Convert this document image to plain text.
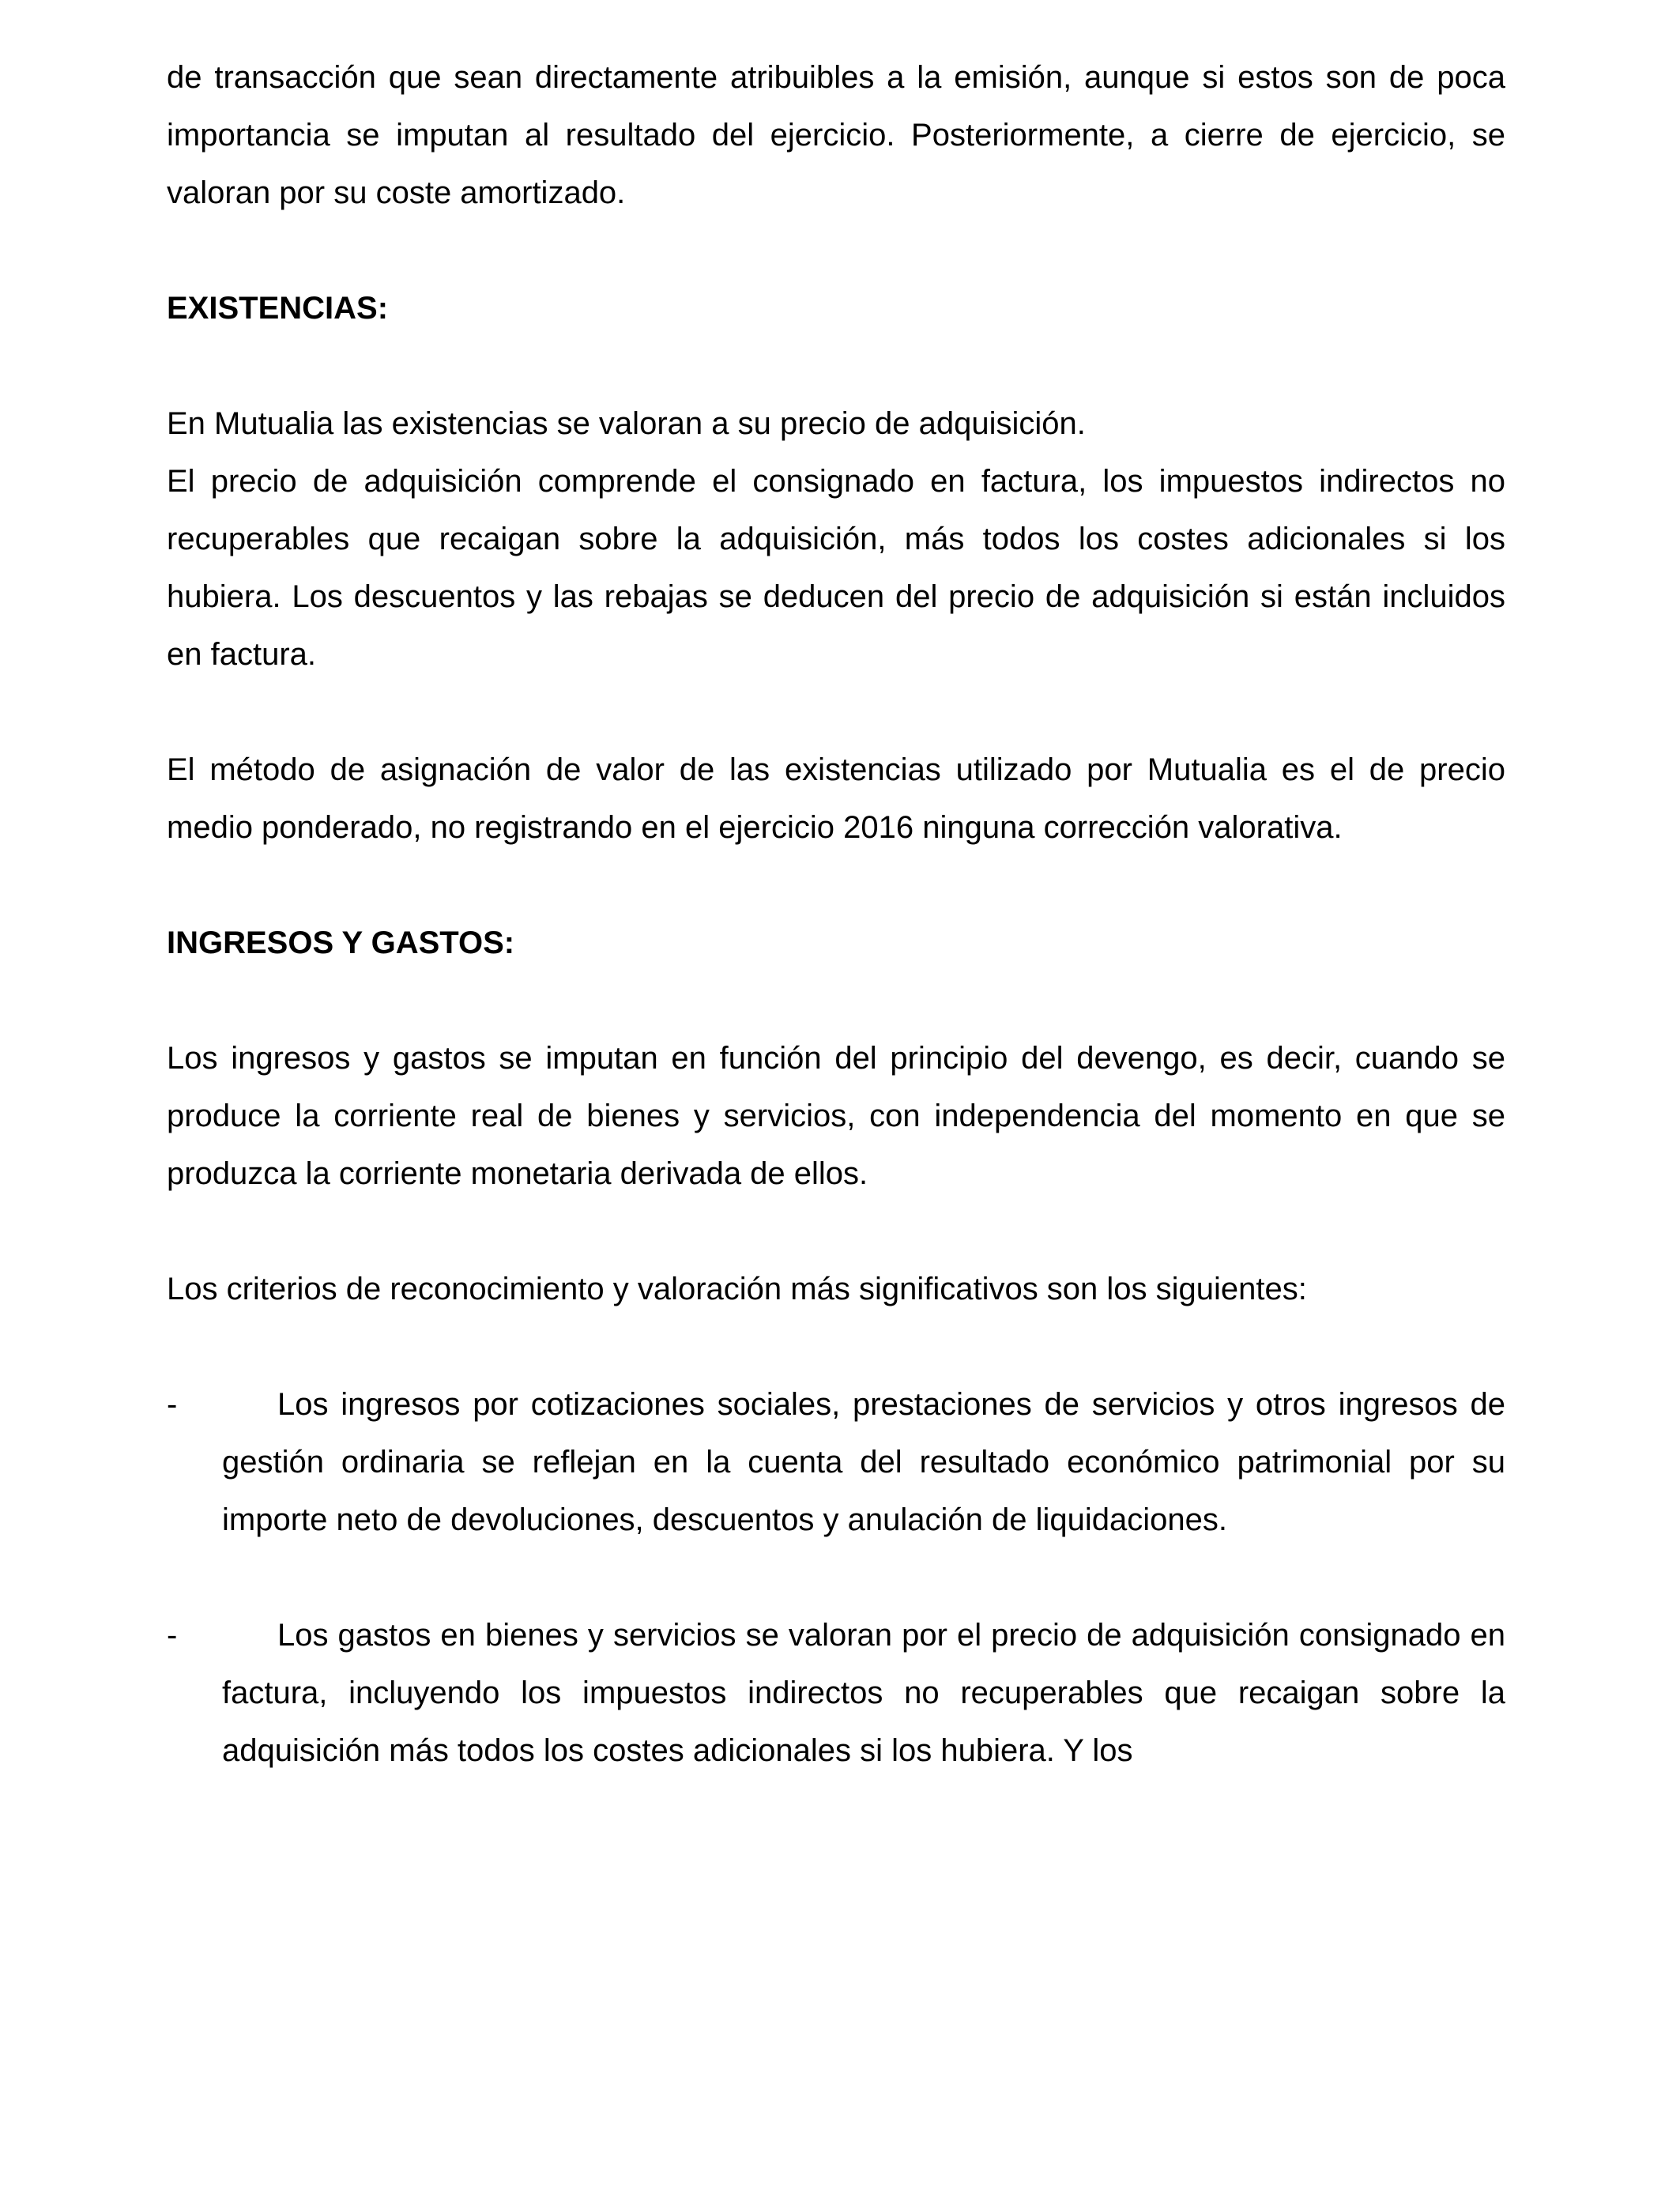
de transacción que sean directamente atribuibles a la emisión, aunque si estos son de poca importancia se imputan al resultado del ejercicio. Posteriormente, a cierre de ejercicio, se valoran por su coste amortizado.

EXISTENCIAS:

En Mutualia las existencias se valoran a su precio de adquisición.

El precio de adquisición comprende el consignado en factura, los impuestos indirectos no recuperables que recaigan sobre la adquisición, más todos los costes adicionales si los hubiera. Los descuentos y las rebajas se deducen del precio de adquisición si están incluidos en factura.

El método de asignación de valor de las existencias utilizado por Mutualia es el de precio medio ponderado, no registrando en el ejercicio 2016 ninguna corrección valorativa.

INGRESOS Y GASTOS:

Los ingresos y gastos se imputan en función del principio del devengo, es decir, cuando se produce la corriente real de bienes y servicios, con independencia del momento en que se produzca la corriente monetaria derivada de ellos.

Los criterios de reconocimiento y valoración más significativos son los siguientes:

-	Los ingresos por cotizaciones sociales, prestaciones de servicios y otros ingresos de gestión ordinaria se reflejan en la cuenta del resultado económico patrimonial por su importe neto de devoluciones, descuentos y anulación de liquidaciones.
-	Los gastos en bienes y servicios se valoran por el precio de adquisición consignado en factura, incluyendo los impuestos indirectos no recuperables que recaigan sobre la adquisición más todos los costes adicionales si los hubiera. Y los
